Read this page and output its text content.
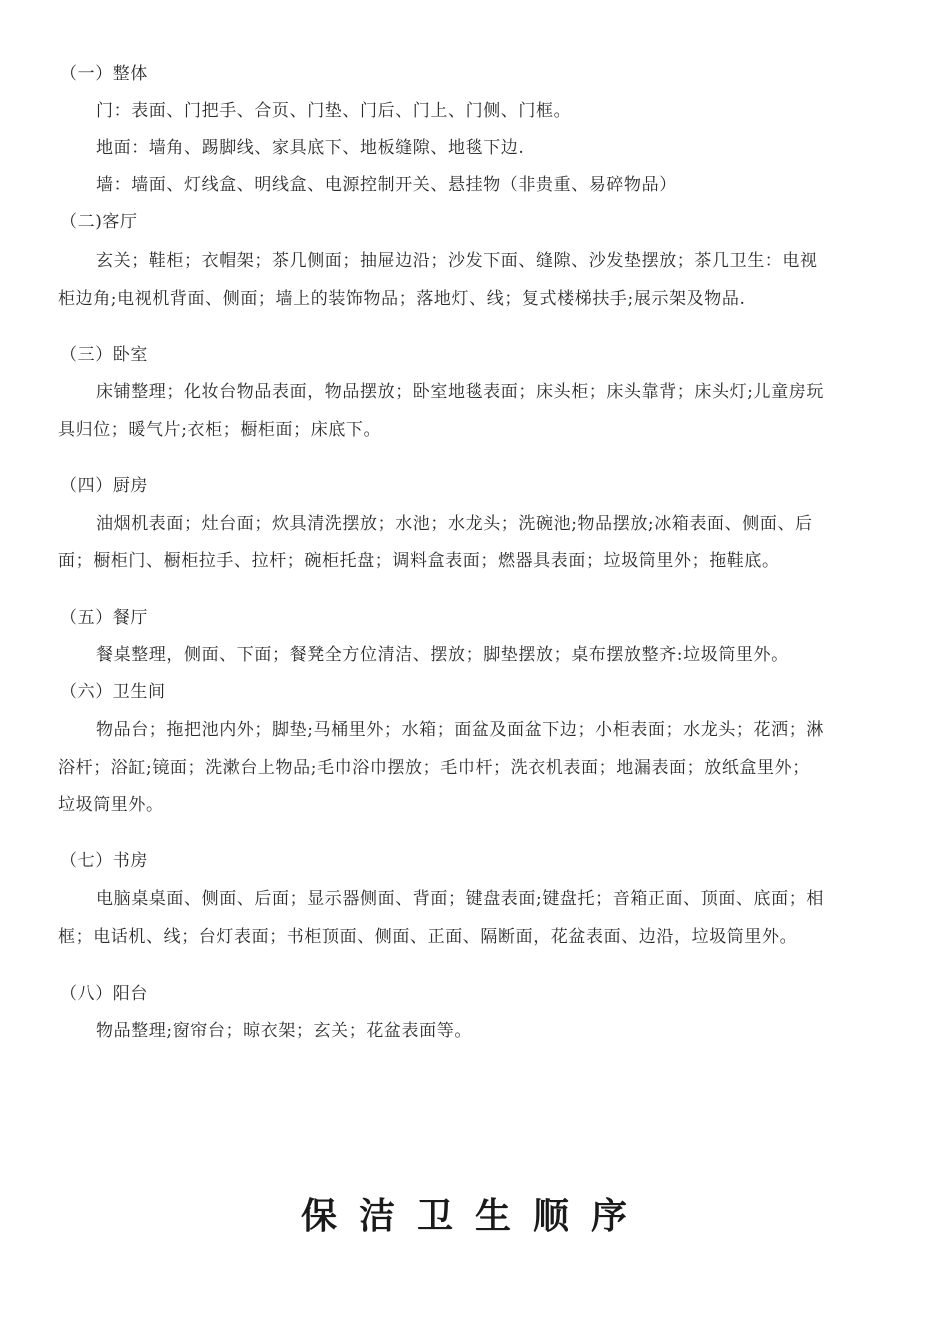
（一）整体
门：表面、门把手、合页、门垫、门后、门上、门侧、门框。
地面：墙角、踢脚线、家具底下、地板缝隙、地毯下边.
墙：墙面、灯线盒、明线盒、电源控制开关、悬挂物（非贵重、易碎物品）
（二)客厅
玄关；鞋柜；衣帽架；茶几侧面；抽屉边沿；沙发下面、缝隙、沙发垫摆放；茶几卫生：电视
柜边角;电视机背面、侧面；墙上的装饰物品；落地灯、线；复式楼梯扶手;展示架及物品.
（三）卧室
床铺整理；化妆台物品表面，物品摆放；卧室地毯表面；床头柜；床头靠背；床头灯;儿童房玩
具归位；暖气片;衣柜；橱柜面；床底下。
（四）厨房
油烟机表面；灶台面；炊具清洗摆放；水池；水龙头；洗碗池;物品摆放;冰箱表面、侧面、后
面；橱柜门、橱柜拉手、拉杆；碗柜托盘；调料盒表面；燃器具表面；垃圾筒里外；拖鞋底。
（五）餐厅
餐桌整理，侧面、下面；餐凳全方位清洁、摆放；脚垫摆放；桌布摆放整齐:垃圾筒里外。
（六）卫生间
物品台；拖把池内外；脚垫;马桶里外；水箱；面盆及面盆下边；小柜表面；水龙头；花洒；淋
浴杆；浴缸;镜面；洗漱台上物品;毛巾浴巾摆放；毛巾杆；洗衣机表面；地漏表面；放纸盒里外；
垃圾筒里外。
（七）书房
电脑桌桌面、侧面、后面；显示器侧面、背面；键盘表面;键盘托；音箱正面、顶面、底面；相
框；电话机、线；台灯表面；书柜顶面、侧面、正面、隔断面，花盆表面、边沿，垃圾筒里外。
（八）阳台
物品整理;窗帘台；晾衣架；玄关；花盆表面等。
保洁卫生顺序
